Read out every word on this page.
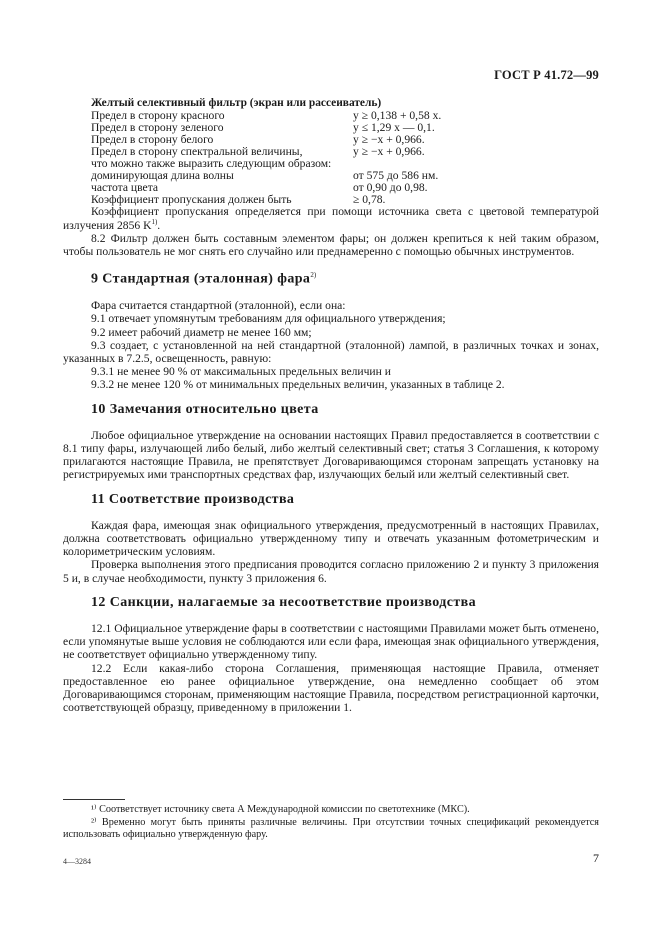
ГОСТ Р 41.72—99
Желтый селективный фильтр (экран или рассеиватель)
Предел в сторону красного	y ≥ 0,138 + 0,58 x.
Предел в сторону зеленого	y ≤ 1,29 x — 0,1.
Предел в сторону белого	y ≥ −x + 0,966.
Предел в сторону спектральной величины,	y ≥ −x + 0,966.
что можно также выразить следующим образом:	
доминирующая длина волны	от 575 до 586 нм.
частота цвета	от 0,90 до 0,98.
Коэффициент пропускания должен быть	≥ 0,78.

Коэффициент пропускания определяется при помощи источника света с цветовой температурой излучения 2856 K$^{1)}$.

8.2 Фильтр должен быть составным элементом фары; он должен крепиться к ней таким образом, чтобы пользователь не мог снять его случайно или преднамеренно с помощью обычных инструментов.

9 Стандартная (эталонная) фара$^{2)}$

Фара считается стандартной (эталонной), если она:

9.1 отвечает упомянутым требованиям для официального утверждения;

9.2 имеет рабочий диаметр не менее 160 мм;

9.3 создает, с установленной на ней стандартной (эталонной) лампой, в различных точках и зонах, указанных в 7.2.5, освещенность, равную:

9.3.1 не менее 90 % от максимальных предельных величин и

9.3.2 не менее 120 % от минимальных предельных величин, указанных в таблице 2.

10 Замечания относительно цвета

Любое официальное утверждение на основании настоящих Правил предоставляется в соответствии с 8.1 типу фары, излучающей либо белый, либо желтый селективный свет; статья 3 Соглашения, к которому прилагаются настоящие Правила, не препятствует Договаривающимся сторонам запрещать установку на регистрируемых ими транспортных средствах фар, излучающих белый или желтый селективный свет.

11 Соответствие производства

Каждая фара, имеющая знак официального утверждения, предусмотренный в настоящих Правилах, должна соответствовать официально утвержденному типу и отвечать указанным фотометрическим и колориметрическим условиям.

Проверка выполнения этого предписания проводится согласно приложению 2 и пункту 3 приложения 5 и, в случае необходимости, пункту 3 приложения 6.

12 Санкции, налагаемые за несоответствие производства

12.1 Официальное утверждение фары в соответствии с настоящими Правилами может быть отменено, если упомянутые выше условия не соблюдаются или если фара, имеющая знак официального утверждения, не соответствует официально утвержденному типу.

12.2 Если какая-либо сторона Соглашения, применяющая настоящие Правила, отменяет предоставленное ею ранее официальное утверждение, она немедленно сообщает об этом Договаривающимся сторонам, применяющим настоящие Правила, посредством регистрационной карточки, соответствующей образцу, приведенному в приложении 1.

¹⁾ Соответствует источнику света А Международной комиссии по светотехнике (МКС).

²⁾ Временно могут быть приняты различные величины. При отсутствии точных спецификаций рекомендуется использовать официально утвержденную фару.

4—3284	7
